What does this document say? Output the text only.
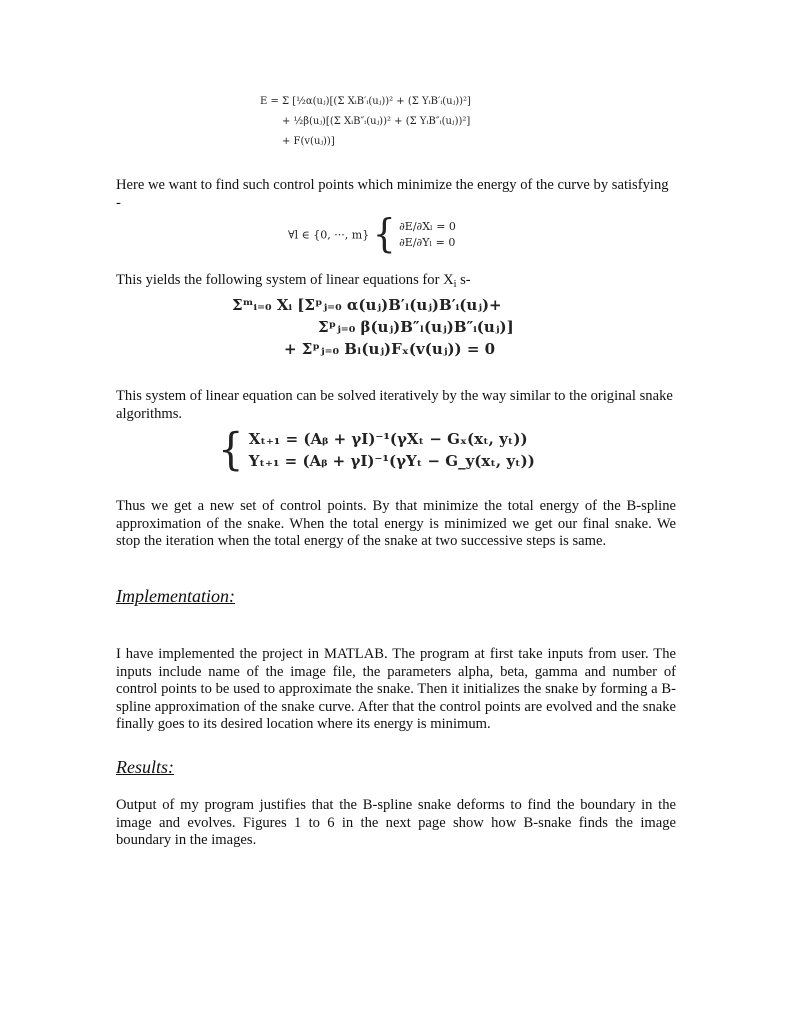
E = Σ [½α(uⱼ)[(Σ XᵢB′ᵢ(uⱼ))² + (Σ YᵢB′ᵢ(uⱼ))²]
+ ½β(uⱼ)[(Σ XᵢB″ᵢ(uⱼ))² + (Σ YᵢB″ᵢ(uⱼ))²]
+ F(v(uⱼ))]

Here we want to find such control points which minimize the energy of the curve by satisfying -

∀l ∈ {0, ···, m} { ∂E/∂Xₗ = 0
∂E/∂Yₗ = 0

This yields the following system of linear equations for $X_i$ s-

Σᵐᵢ₌₀ Xᵢ [Σᵖⱼ₌₀ α(uⱼ)B′ₗ(uⱼ)B′ᵢ(uⱼ)+
Σᵖⱼ₌₀ β(uⱼ)B″ₗ(uⱼ)B″ᵢ(uⱼ)]
+ Σᵖⱼ₌₀ Bₗ(uⱼ)Fₓ(v(uⱼ)) = 0

This system of linear equation can be solved iteratively by the way similar to the original snake algorithms.

{ Xₜ₊₁ = (Aᵦ + γI)⁻¹(γXₜ − Gₓ(xₜ, yₜ))
Yₜ₊₁ = (Aᵦ + γI)⁻¹(γYₜ − G_y(xₜ, yₜ))

Thus we get a new set of control points. By that minimize the total energy of the B-spline approximation of the snake. When the total energy is minimized we get our final snake. We stop the iteration when the total energy of the snake at two successive steps is same.

Implementation:

I have implemented the project in MATLAB. The program at first take inputs from user. The inputs include name of the image file, the parameters alpha, beta, gamma and number of control points to be used to approximate the snake. Then it initializes the snake by forming a B-spline approximation of the snake curve. After that the control points are evolved and the snake finally goes to its desired location where its energy is minimum.

Results:

Output of my program justifies that the B-spline snake deforms to find the boundary in the image and evolves. Figures 1 to 6 in the next page show how B-snake finds the image boundary in the images.
